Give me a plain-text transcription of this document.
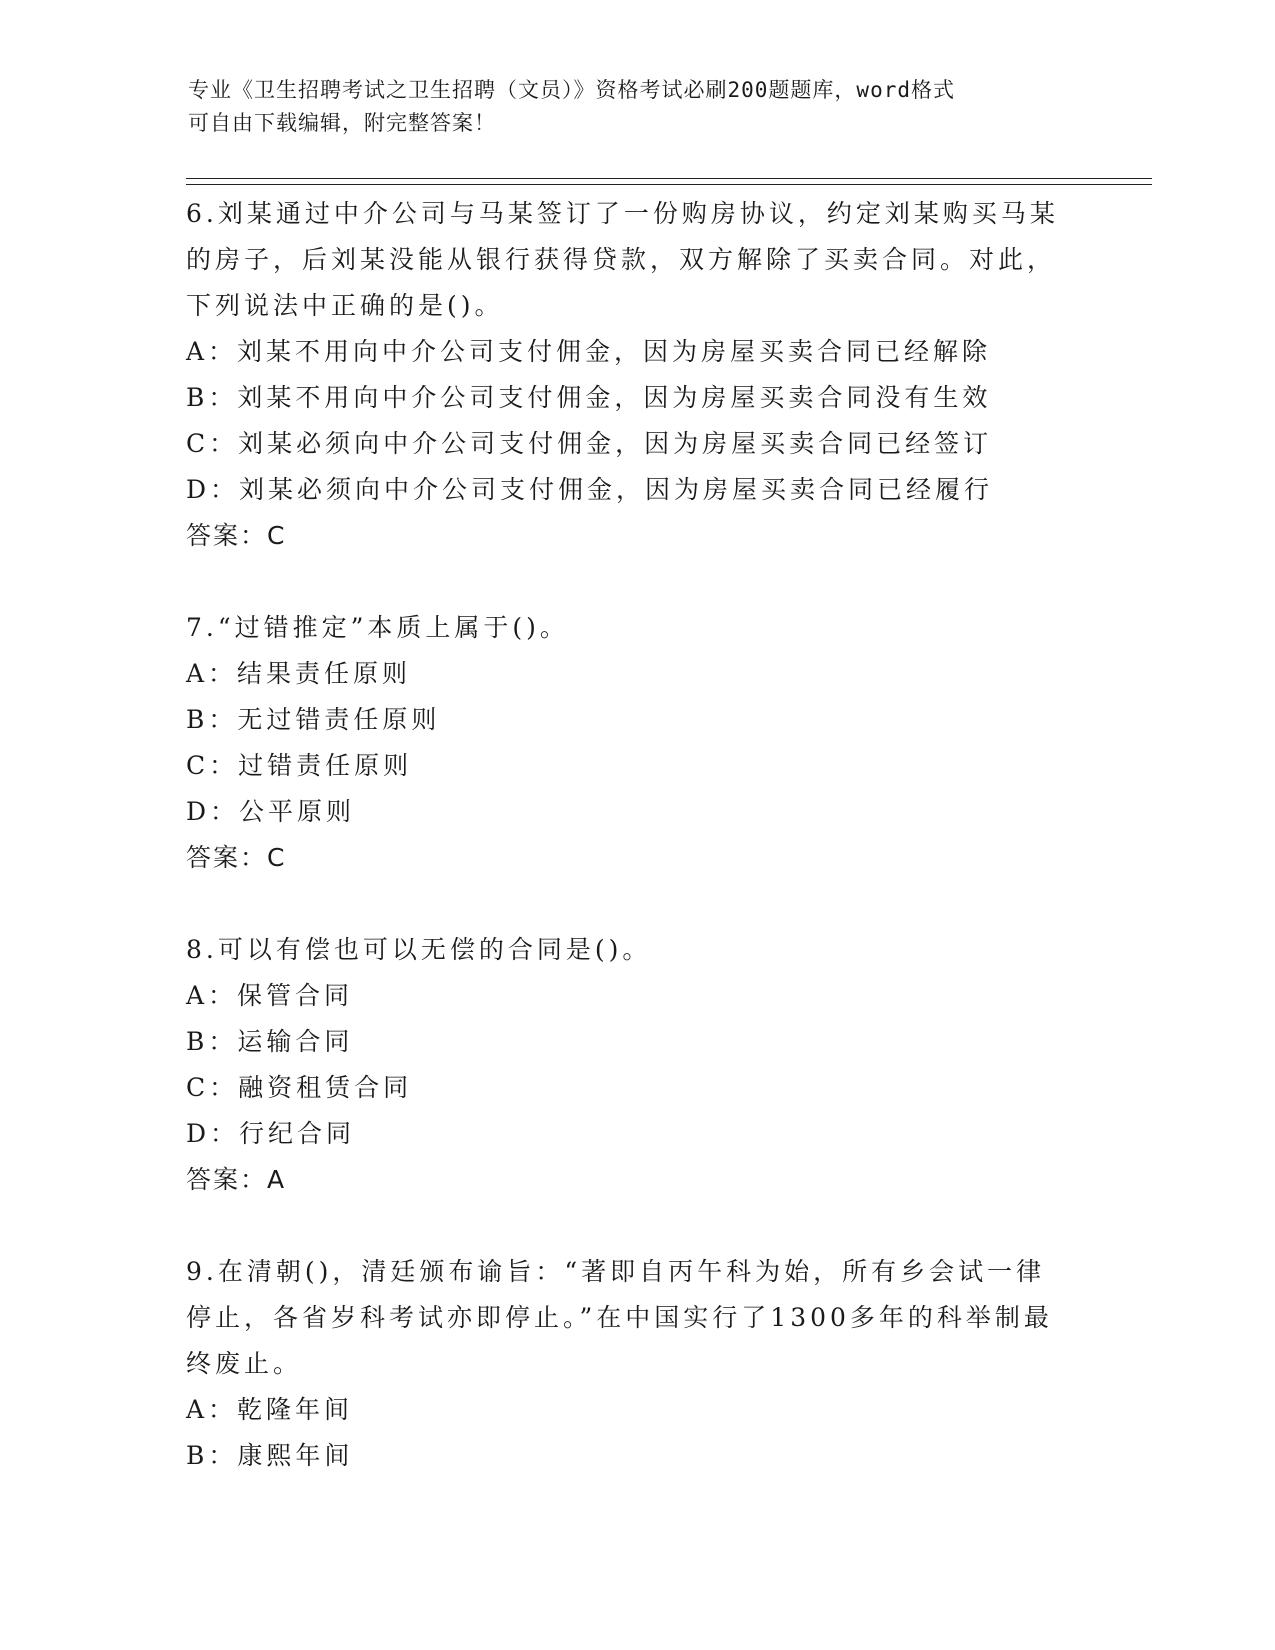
专业《卫生招聘考试之卫生招聘（文员）》资格考试必刷200题题库，word格式
可自由下载编辑，附完整答案！
6.刘某通过中介公司与马某签订了一份购房协议，约定刘某购买马某
的房子，后刘某没能从银行获得贷款，双方解除了买卖合同。对此，
下列说法中正确的是()。
A：刘某不用向中介公司支付佣金，因为房屋买卖合同已经解除
B：刘某不用向中介公司支付佣金，因为房屋买卖合同没有生效
C：刘某必须向中介公司支付佣金，因为房屋买卖合同已经签订
D：刘某必须向中介公司支付佣金，因为房屋买卖合同已经履行
答案：C
7.“过错推定”本质上属于()。
A：结果责任原则
B：无过错责任原则
C：过错责任原则
D：公平原则
答案：C
8.可以有偿也可以无偿的合同是()。
A：保管合同
B：运输合同
C：融资租赁合同
D：行纪合同
答案：A
9.在清朝()，清廷颁布谕旨：“著即自丙午科为始，所有乡会试一律
停止，各省岁科考试亦即停止。”在中国实行了1300多年的科举制最
终废止。
A：乾隆年间
B：康熙年间
